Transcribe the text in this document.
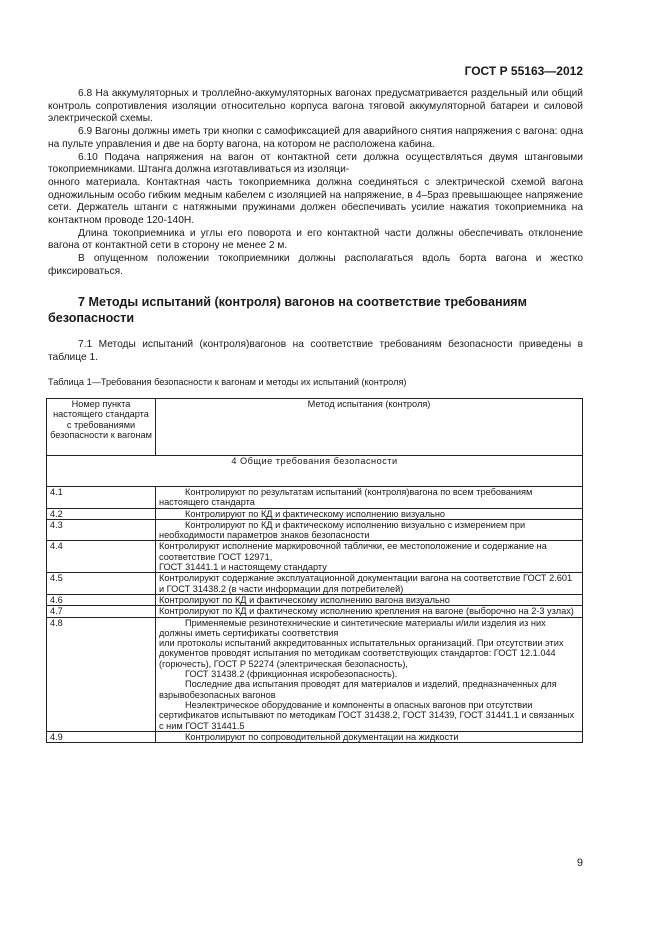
ГОСТ Р 55163—2012

6.8 На аккумуляторных и троллейно-аккумуляторных вагонах предусматривается раздельный или общий контроль сопротивления изоляции относительно корпуса вагона тяговой аккумуляторной батареи и силовой электрической схемы.

6.9 Вагоны должны иметь три кнопки с самофиксацией для аварийного снятия напряжения с вагона: одна на пульте управления и две на борту вагона, на котором не расположена кабина.

6.10 Подача напряжения на вагон от контактной сети должна осуществляться двумя штанговыми токоприемниками. Штанга должна изготавливаться из изоляци-

онного материала. Контактная часть токоприемника должна соединяться с электрической схемой вагона одножильным особо гибким медным кабелем с изоляцией на напряжение, в 4–5раз превышающее напряжение сети. Держатель штанги с натяжными пружинами должен обеспечивать усилие нажатия токоприемника на контактном проводе 120-140Н.

Длина токоприемника и углы его поворота и его контактной части должны обеспечивать отклонение вагона от контактной сети в сторону не менее 2 м.

В опущенном положении токоприемники должны располагаться вдоль борта вагона и жестко фиксироваться.

7 Методы испытаний (контроля) вагонов на соответствие требованиям
безопасности
7.1 Методы испытаний (контроля)вагонов на соответствие требованиям безопасности приведены в таблице 1.
Таблица 1—Требования безопасности к вагонам и методы их испытаний (контроля)
Номер пункта настоящего стандарта с требованиями безопасности к вагонам	Метод испытания (контроля)
4 Общие требования безопасности	
4.1	Контролируют по результатам испытаний (контроля)вагона по всем требованиям настоящего стандарта

4.2	Контролируют по КД и фактическому исполнению визуально

4.3	Контролируют по КД и фактическому исполнению визуально с измерением при необходимости параметров знаков безопасности

4.4	Контролируют исполнение маркировочной таблички, ее местоположение и содержание на соответствие ГОСТ 12971,

ГОСТ 31441.1 и настоящему стандарту

4.5	Контролируют содержание эксплуатационной документации вагона на соответствие ГОСТ 2.601 и ГОСТ 31438.2 (в части информации для потребителей)

4.6	Контролируют по КД и фактическому исполнению вагона визуально

4.7	Контролируют по КД и фактическому исполнению крепления на вагоне (выборочно на 2-3 узлах)

4.8	Применяемые резинотехнические и синтетические материалы и/или изделия из них должны иметь сертификаты соответствия

или протоколы испытаний аккредитованных испытательных организаций. При отсутствии этих документов проводят испытания по методикам соответствующих стандартов: ГОСТ 12.1.044 (горючесть), ГОСТ Р 52274 (электрическая безопасность),

ГОСТ 31438.2 (фрикционная искробезопасность).

Последние два испытания проводят для материалов и изделий, предназначенных для взрывобезопасных вагонов

Неэлектрическое оборудование и компоненты в опасных вагонов при отсутствии сертификатов испытывают по методикам ГОСТ 31438.2, ГОСТ 31439, ГОСТ 31441.1 и связанных с ним ГОСТ 31441.5

4.9	Контролируют по сопроводительной документации на жидкости

9
